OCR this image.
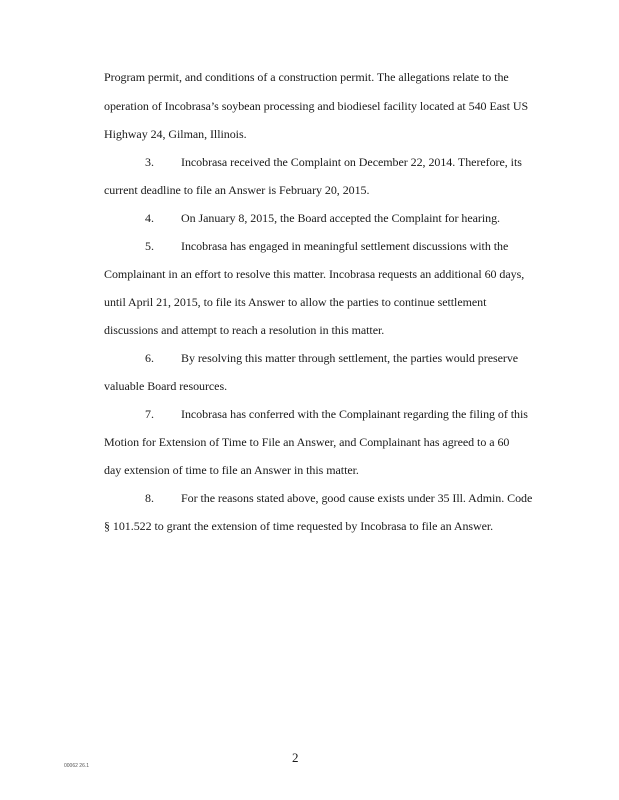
Program permit, and conditions of a construction permit. The allegations relate to the
operation of Incobrasa’s soybean processing and biodiesel facility located at 540 East US
Highway 24, Gilman, Illinois.
3. Incobrasa received the Complaint on December 22, 2014. Therefore, its
current deadline to file an Answer is February 20, 2015.
4. On January 8, 2015, the Board accepted the Complaint for hearing.
5. Incobrasa has engaged in meaningful settlement discussions with the
Complainant in an effort to resolve this matter. Incobrasa requests an additional 60 days,
until April 21, 2015, to file its Answer to allow the parties to continue settlement
discussions and attempt to reach a resolution in this matter.
6. By resolving this matter through settlement, the parties would preserve
valuable Board resources.
7. Incobrasa has conferred with the Complainant regarding the filing of this
Motion for Extension of Time to File an Answer, and Complainant has agreed to a 60
day extension of time to file an Answer in this matter.
8. For the reasons stated above, good cause exists under 35 Ill. Admin. Code
§ 101.522 to grant the extension of time requested by Incobrasa to file an Answer.
00062 26.1
2
